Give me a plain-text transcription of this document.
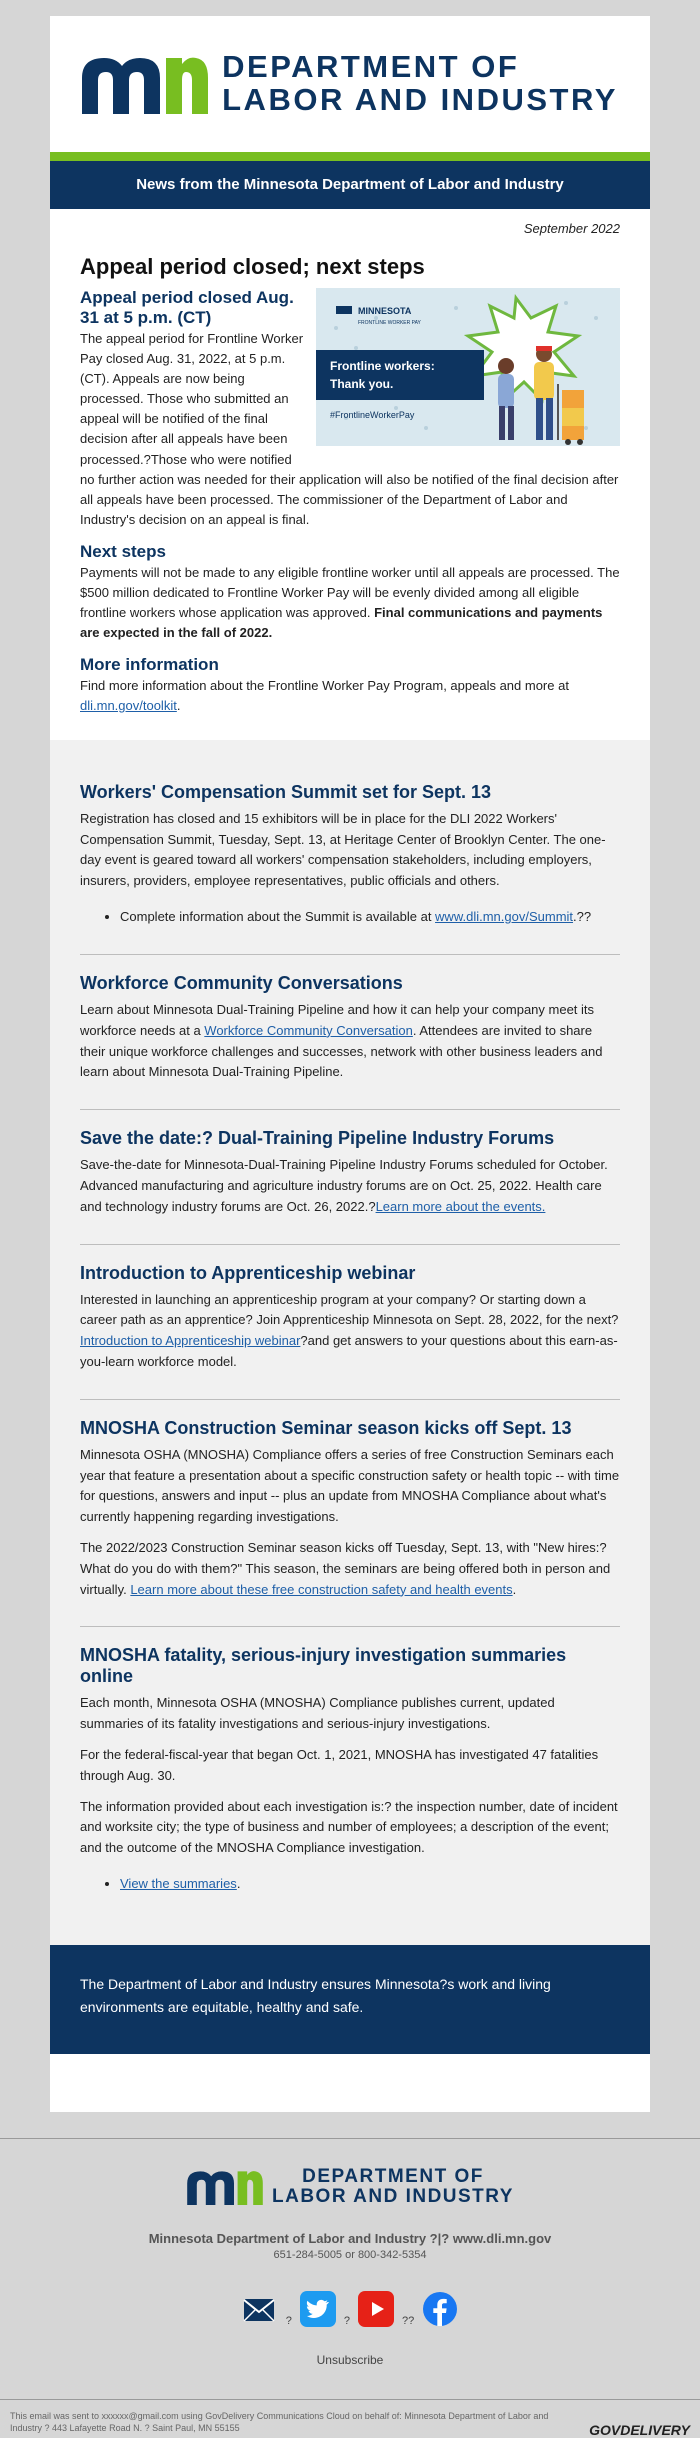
DEPARTMENT OF
LABOR AND INDUSTRY
News from the Minnesota Department of Labor and Industry
September 2022
Appeal period closed; next steps
MINNESOTA
FRONTLINE WORKER PAY
Frontline workers:
Thank you.
#FrontlineWorkerPay
Appeal period closed Aug. 31 at 5 p.m. (CT)

The appeal period for Frontline Worker Pay closed Aug. 31, 2022, at 5 p.m. (CT). Appeals are now being processed. Those who submitted an appeal will be notified of the final decision after all appeals have been processed.?Those who were notified no further action was needed for their application will also be notified of the final decision after all appeals have been processed. The commissioner of the Department of Labor and Industry's decision on an appeal is final.

Next steps

Payments will not be made to any eligible frontline worker until all appeals are processed. The $500 million dedicated to Frontline Worker Pay will be evenly divided among all eligible frontline workers whose application was approved. Final communications and payments are expected in the fall of 2022.

More information

Find more information about the Frontline Worker Pay Program, appeals and more at dli.mn.gov/toolkit.

Workers' Compensation Summit set for Sept. 13

Registration has closed and 15 exhibitors will be in place for the DLI 2022 Workers' Compensation Summit, Tuesday, Sept. 13, at Heritage Center of Brooklyn Center. The one-day event is geared toward all workers' compensation stakeholders, including employers, insurers, providers, employee representatives, public officials and others.

• Complete information about the Summit is available at www.dli.mn.gov/Summit.??
Workforce Community Conversations

Learn about Minnesota Dual-Training Pipeline and how it can help your company meet its workforce needs at a Workforce Community Conversation. Attendees are invited to share their unique workforce challenges and successes, network with other business leaders and learn about Minnesota Dual-Training Pipeline.

Save the date:? Dual-Training Pipeline Industry Forums

Save-the-date for Minnesota-Dual-Training Pipeline Industry Forums scheduled for October. Advanced manufacturing and agriculture industry forums are on Oct. 25, 2022. Health care and technology industry forums are Oct. 26, 2022.?Learn more about the events.

Introduction to Apprenticeship webinar

Interested in launching an apprenticeship program at your company? Or starting down a career path as an apprentice? Join Apprenticeship Minnesota on Sept. 28, 2022, for the next?Introduction to Apprenticeship webinar?and get answers to your questions about this earn-as-you-learn workforce model.

MNOSHA Construction Seminar season kicks off Sept. 13

Minnesota OSHA (MNOSHA) Compliance offers a series of free Construction Seminars each year that feature a presentation about a specific construction safety or health topic -- with time for questions, answers and input -- plus an update from MNOSHA Compliance about what's currently happening regarding investigations.

The 2022/2023 Construction Seminar season kicks off Tuesday, Sept. 13, with "New hires:? What do you do with them?" This season, the seminars are being offered both in person and virtually. Learn more about these free construction safety and health events.

MNOSHA fatality, serious-injury investigation summaries online

Each month, Minnesota OSHA (MNOSHA) Compliance publishes current, updated summaries of its fatality investigations and serious-injury investigations.

For the federal-fiscal-year that began Oct. 1, 2021, MNOSHA has investigated 47 fatalities through Aug. 30.

The information provided about each investigation is:? the inspection number, date of incident and worksite city; the type of business and number of employees; a description of the event; and the outcome of the MNOSHA Compliance investigation.

• View the summaries.
The Department of Labor and Industry ensures Minnesota?s work and living environments are equitable, healthy and safe.
DEPARTMENT OF
LABOR AND INDUSTRY
Minnesota Department of Labor and Industry ?|? www.dli.mn.gov
651-284-5005 or 800-342-5354
?	?	??
Unsubscribe

This email was sent to xxxxxx@gmail.com using GovDelivery Communications Cloud on behalf of: Minnesota Department of Labor and Industry ? 443 Lafayette Road N. ? Saint Paul, MN 55155	GOVDELIVERY
